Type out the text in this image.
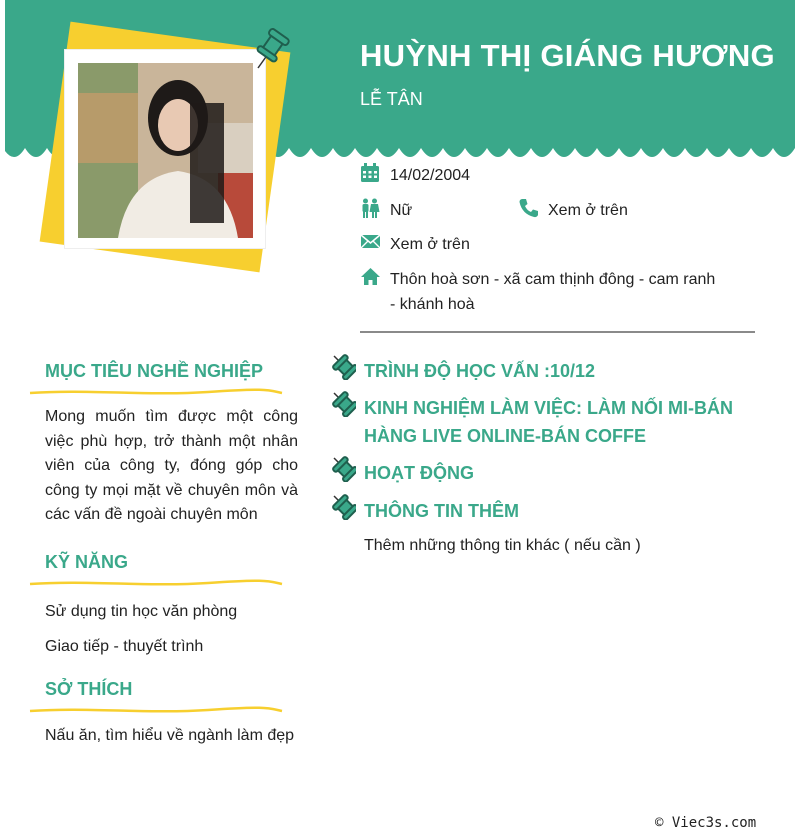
HUỲNH THỊ GIÁNG HƯƠNG
LỄ TÂN
14/02/2004
Nữ	Xem ở trên
Xem ở trên
Thôn hoà sơn - xã cam thịnh đông - cam ranh - khánh hoà
MỤC TIÊU NGHỀ NGHIỆP
Mong muốn tìm được một công việc phù hợp, trở thành một nhân viên của công ty, đóng góp cho công ty mọi mặt về chuyên môn và các vấn đề ngoài chuyên môn
KỸ NĂNG
Sử dụng tin học văn phòng
Giao tiếp - thuyết trình
SỞ THÍCH
Nấu ăn, tìm hiểu về ngành làm đẹp
TRÌNH ĐỘ HỌC VẤN :10/12
KINH NGHIỆM LÀM VIỆC: LÀM NỐI MI-BÁN HÀNG LIVE ONLINE-BÁN COFFE
HOẠT ĐỘNG
THÔNG TIN THÊM
Thêm những thông tin khác ( nếu cần )
© Viec3s.com
